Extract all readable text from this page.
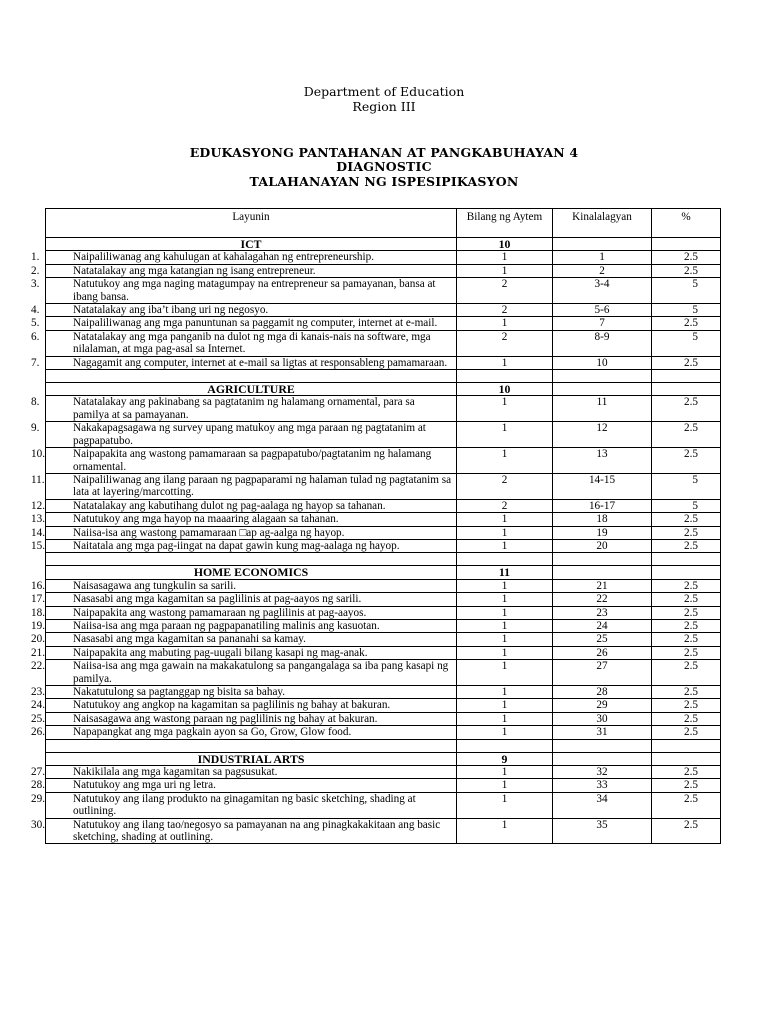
Department of Education
Region III
EDUKASYONG PANTAHANAN AT PANGKABUHAYAN 4
DIAGNOSTIC
TALAHANAYAN NG ISPESIPIKASYON
Layunin	Bilang ng Aytem	Kinalalagyan	%
ICT	10		

1. Naipaliliwanag ang kahulugan at kahalagahan ng entrepreneurship.	1	1	2.5

2. Natatalakay ang mga katangian ng isang entrepreneur.	1	2	2.5

3. Natutukoy ang mga naging matagumpay na entrepreneur sa pamayanan, bansa at ibang bansa.	2	3-4	5

4. Natatalakay ang iba’t ibang uri ng negosyo.	2	5-6	5

5. Naipaliliwanag ang mga panuntunan sa paggamit ng computer, internet at e-mail.	1	7	2.5

6. Natatalakay ang mga panganib na dulot ng mga di kanais-nais na software, mga nilalaman, at mga pag-asal sa Internet.	2	8-9	5

7. Nagagamit ang computer, internet at e-mail sa ligtas at responsableng pamamaraan.	1	10	2.5

AGRICULTURE	10		

8. Natatalakay ang pakinabang sa pagtatanim ng halamang ornamental, para sa pamilya at sa pamayanan.	1	11	2.5

9. Nakakapagsagawa ng survey upang matukoy ang mga paraan ng pagtatanim at pagpapatubo.	1	12	2.5

10. Naipapakita ang wastong pamamaraan sa pagpapatubo/pagtatanim ng halamang ornamental.	1	13	2.5

11. Naipaliliwanag ang ilang paraan ng pagpaparami ng halaman tulad ng pagtatanim sa lata at layering/marcotting.	2	14-15	5

12. Natatalakay ang kabutihang dulot ng pag-aalaga ng hayop sa tahanan.	2	16-17	5

13. Natutukoy ang mga hayop na maaaring alagaan sa tahanan.	1	18	2.5

14. Naiisa-isa ang wastong pamamaraan □ap ag-aalga ng hayop.	1	19	2.5

15. Naitatala ang mga pag-iingat na dapat gawin kung mag-aalaga ng hayop.	1	20	2.5

HOME ECONOMICS	11		

16. Naisasagawa ang tungkulin sa sarili.	1	21	2.5

17. Nasasabi ang mga kagamitan sa paglilinis at pag-aayos ng sarili.	1	22	2.5

18. Naipapakita ang wastong pamamaraan ng paglilinis at pag-aayos.	1	23	2.5

19. Naiisa-isa ang mga paraan ng pagpapanatiling malinis ang kasuotan.	1	24	2.5

20. Nasasabi ang mga kagamitan sa pananahi sa kamay.	1	25	2.5

21. Naipapakita ang mabuting pag-uugali bilang kasapi ng mag-anak.	1	26	2.5

22. Naiisa-isa ang mga gawain na makakatulong sa pangangalaga sa iba pang kasapi ng pamilya.	1	27	2.5

23. Nakatutulong sa pagtanggap ng bisita sa bahay.	1	28	2.5

24. Natutukoy ang angkop na kagamitan sa paglilinis ng bahay at bakuran.	1	29	2.5

25. Naisasagawa ang wastong paraan ng paglilinis ng bahay at bakuran.	1	30	2.5

26. Napapangkat ang mga pagkain ayon sa Go, Grow, Glow food.	1	31	2.5

INDUSTRIAL ARTS	9		

27. Nakikilala ang mga kagamitan sa pagsusukat.	1	32	2.5

28. Natutukoy ang mga uri ng letra.	1	33	2.5

29. Natutukoy ang ilang produkto na ginagamitan ng basic sketching, shading at outlining.	1	34	2.5

30. Natutukoy ang ilang tao/negosyo sa pamayanan na ang pinagkakakitaan ang basic sketching, shading at outlining.	1	35	2.5
